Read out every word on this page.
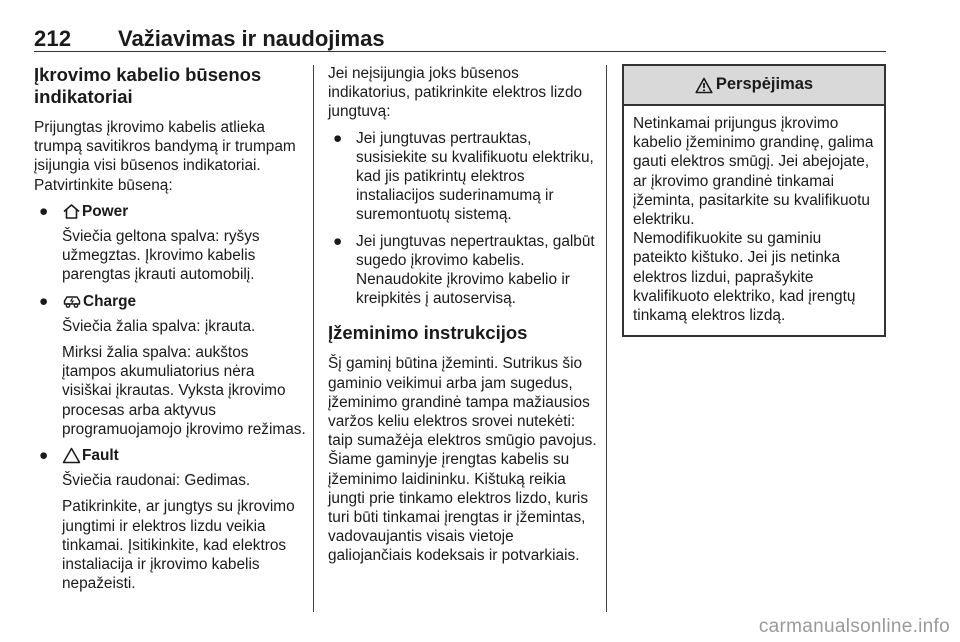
212 Važiavimas ir naudojimas
Įkrovimo kabelio būsenos indikatoriai

Prijungtas įkrovimo kabelis atlieka trumpą savitikros bandymą ir trumpam įsijungia visi būsenos indikatoriai. Patvirtinkite būseną:

● Power

Šviečia geltona spalva: ryšys užmegztas. Įkrovimo kabelis parengtas įkrauti automobilį.

● Charge

Šviečia žalia spalva: įkrauta.

Mirksi žalia spalva: aukštos įtampos akumuliatorius nėra visiškai įkrautas. Vyksta įkrovimo procesas arba aktyvus programuojamojo įkrovimo režimas.

● Fault

Šviečia raudonai: Gedimas.

Patikrinkite, ar jungtys su įkrovimo jungtimi ir elektros lizdu veikia tinkamai. Įsitikinkite, kad elektros instaliacija ir įkrovimo kabelis nepažeisti.

Jei neįsijungia joks būsenos indikatorius, patikrinkite elektros lizdo jungtuvą:

● Jei jungtuvas pertrauktas, susisiekite su kvalifikuotu elektriku, kad jis patikrintų elektros instaliacijos suderinamumą ir suremontuotų sistemą.
● Jei jungtuvas nepertrauktas, galbūt sugedo įkrovimo kabelis. Nenaudokite įkrovimo kabelio ir kreipkitės į autoservisą.
Įžeminimo instrukcijos

Šį gaminį būtina įžeminti. Sutrikus šio gaminio veikimui arba jam sugedus, įžeminimo grandinė tampa mažiausios varžos keliu elektros srovei nutekėti: taip sumažėja elektros smūgio pavojus. Šiame gaminyje įrengtas kabelis su įžeminimo laidininku. Kištuką reikia jungti prie tinkamo elektros lizdo, kuris turi būti tinkamai įrengtas ir įžemintas, vadovaujantis visais vietoje galiojančiais kodeksais ir potvarkiais.

Perspėjimas

Netinkamai prijungus įkrovimo kabelio įžeminimo grandinę, galima gauti elektros smūgį. Jei abejojate, ar įkrovimo grandinė tinkamai įžeminta, pasitarkite su kvalifikuotu elektriku.

Nemodifikuokite su gaminiu pateikto kištuko. Jei jis netinka elektros lizdui, paprašykite kvalifikuoto elektriko, kad įrengtų tinkamą elektros lizdą.

carmanualsonline.info
